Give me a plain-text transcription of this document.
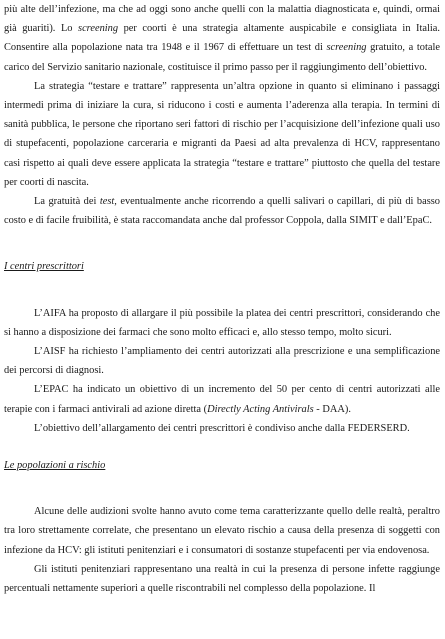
più alte dell’infezione, ma che ad oggi sono anche quelli con la malattia diagnosticata e, quindi, ormai già guariti). Lo screening per coorti è una strategia altamente auspicabile e consigliata in Italia. Consentire alla popolazione nata tra 1948 e il 1967 di effettuare un test di screening gratuito, a totale carico del Servizio sanitario nazionale, costituisce il primo passo per il raggiungimento dell’obiettivo.

La strategia “testare e trattare” rappresenta un’altra opzione in quanto si eliminano i passaggi intermedi prima di iniziare la cura, si riducono i costi e aumenta l’aderenza alla terapia. In termini di sanità pubblica, le persone che riportano seri fattori di rischio per l’acquisizione dell’infezione quali uso di stupefacenti, popolazione carceraria e migranti da Paesi ad alta prevalenza di HCV, rappresentano casi rispetto ai quali deve essere applicata la strategia “testare e trattare” piuttosto che quella del testare per coorti di nascita.

La gratuità dei test, eventualmente anche ricorrendo a quelli salivari o capillari, di più di basso costo e di facile fruibilità, è stata raccomandata anche dal professor Coppola, dalla SIMIT e dall’EpaC.

I centri prescrittori

L’AIFA ha proposto di allargare il più possibile la platea dei centri prescrittori, considerando che si hanno a disposizione dei farmaci che sono molto efficaci e, allo stesso tempo, molto sicuri.

L’AISF ha richiesto l’ampliamento dei centri autorizzati alla prescrizione e una semplificazione dei percorsi di diagnosi.

L’EPAC ha indicato un obiettivo di un incremento del 50 per cento di centri autorizzati alle terapie con i farmaci antivirali ad azione diretta (Directly Acting Antivirals - DAA).

L’obiettivo dell’allargamento dei centri prescrittori è condiviso anche dalla FEDERSERD.

Le popolazioni a rischio

Alcune delle audizioni svolte hanno avuto come tema caratterizzante quello delle realtà, peraltro tra loro strettamente correlate, che presentano un elevato rischio a causa della presenza di soggetti con infezione da HCV: gli istituti penitenziari e i consumatori di sostanze stupefacenti per via endovenosa.

Gli istituti penitenziari rappresentano una realtà in cui la presenza di persone infette raggiunge percentuali nettamente superiori a quelle riscontrabili nel complesso della popolazione. Il
